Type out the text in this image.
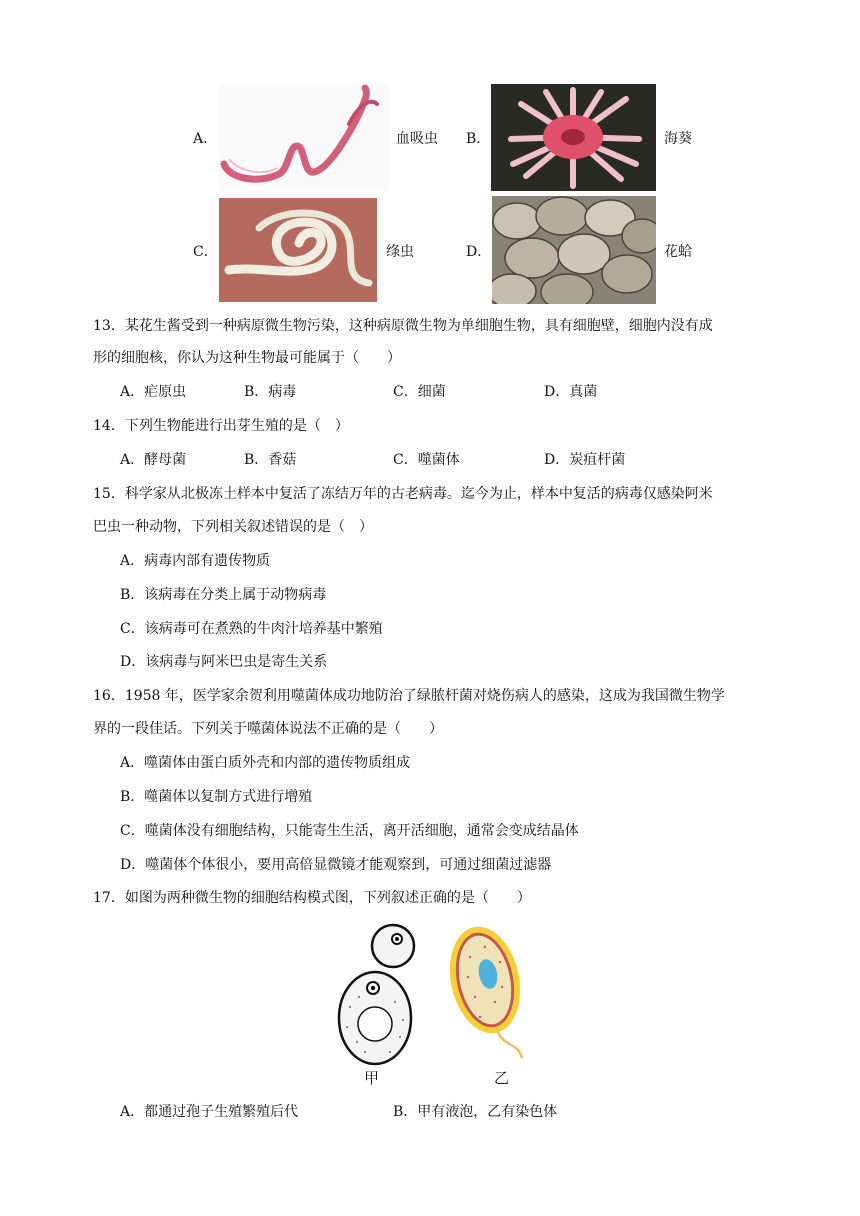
A．	血吸虫 B．	海葵
C．	绦虫	D．	花蛤
13．某花生酱受到一种病原微生物污染，这种病原微生物为单细胞生物，具有细胞壁，细胞内没有成
形的细胞核，你认为这种生物最可能属于（　　）
A．疟原虫	B．病毒	C．细菌	D．真菌
14．下列生物能进行出芽生殖的是（　）
A．酵母菌	B．香菇	C．噬菌体	D．炭疽杆菌
15．科学家从北极冻土样本中复活了冻结万年的古老病毒。迄今为止，样本中复活的病毒仅感染阿米
巴虫一种动物，下列相关叙述错误的是（　）
A．病毒内部有遗传物质
B．该病毒在分类上属于动物病毒
C．该病毒可在煮熟的牛肉汁培养基中繁殖
D．该病毒与阿米巴虫是寄生关系
16．1958 年，医学家余贺利用噬菌体成功地防治了绿脓杆菌对烧伤病人的感染，这成为我国微生物学
界的一段佳话。下列关于噬菌体说法不正确的是（　　）
A．噬菌体由蛋白质外壳和内部的遗传物质组成
B．噬菌体以复制方式进行增殖
C．噬菌体没有细胞结构，只能寄生生活，离开活细胞，通常会变成结晶体
D．噬菌体个体很小，要用高倍显微镜才能观察到，可通过细菌过滤器
17．如图为两种微生物的细胞结构模式图，下列叙述正确的是（　　）
甲	乙
A．都通过孢子生殖繁殖后代	B．甲有液泡，乙有染色体
